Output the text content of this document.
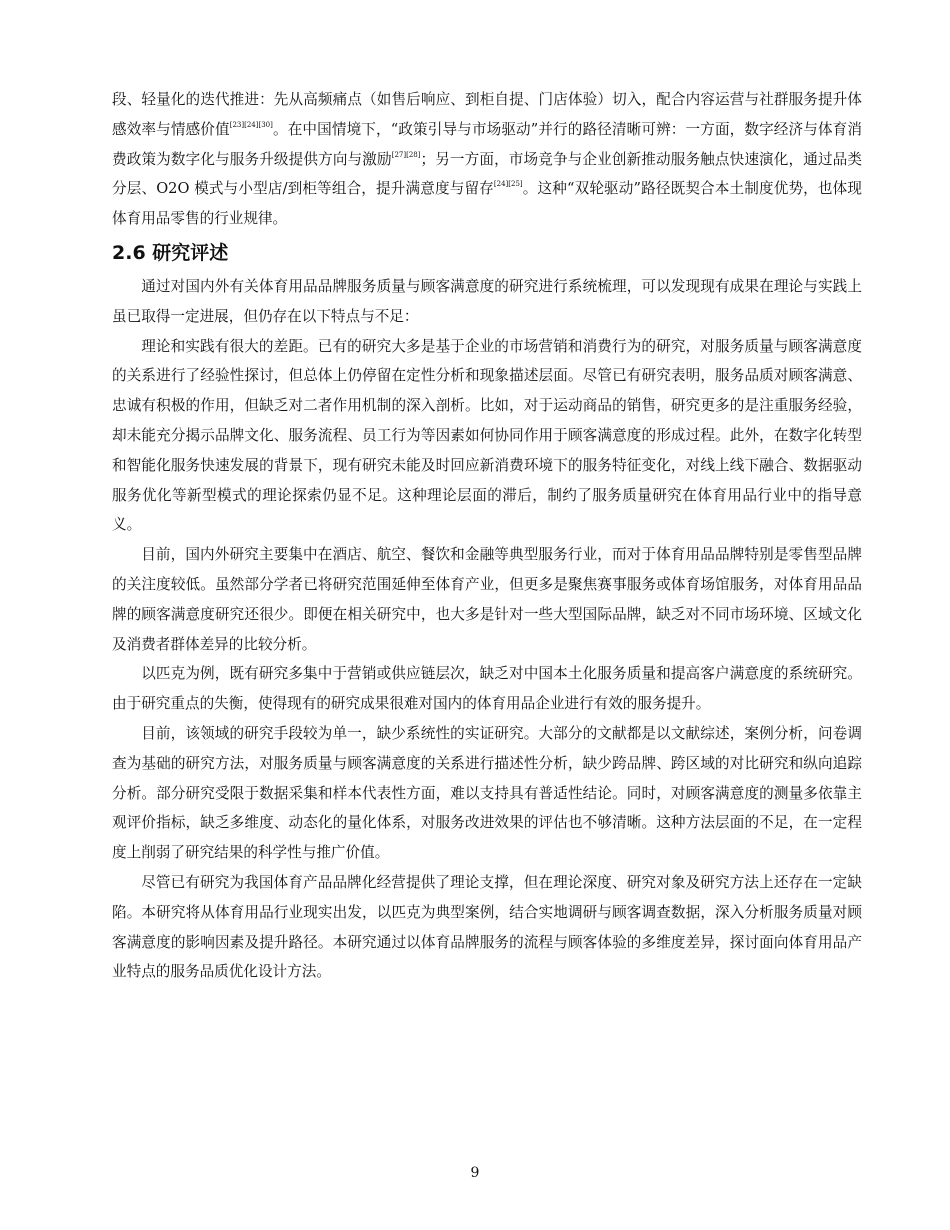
段、轻量化的迭代推进：先从高频痛点（如售后响应、到柜自提、门店体验）切入，配合内容运营与社群服务提升体感效率与情感价值[23][24][30]。在中国情境下，“政策引导与市场驱动”并行的路径清晰可辨：一方面，数字经济与体育消费政策为数字化与服务升级提供方向与激励[27][28]；另一方面，市场竞争与企业创新推动服务触点快速演化，通过品类分层、O2O 模式与小型店/到柜等组合，提升满意度与留存[24][25]。这种“双轮驱动”路径既契合本土制度优势，也体现体育用品零售的行业规律。

2.6 研究评述

通过对国内外有关体育用品品牌服务质量与顾客满意度的研究进行系统梳理，可以发现现有成果在理论与实践上虽已取得一定进展，但仍存在以下特点与不足：

理论和实践有很大的差距。已有的研究大多是基于企业的市场营销和消费行为的研究，对服务质量与顾客满意度的关系进行了经验性探讨，但总体上仍停留在定性分析和现象描述层面。尽管已有研究表明，服务品质对顾客满意、忠诚有积极的作用，但缺乏对二者作用机制的深入剖析。比如，对于运动商品的销售，研究更多的是注重服务经验，却未能充分揭示品牌文化、服务流程、员工行为等因素如何协同作用于顾客满意度的形成过程。此外，在数字化转型和智能化服务快速发展的背景下，现有研究未能及时回应新消费环境下的服务特征变化，对线上线下融合、数据驱动服务优化等新型模式的理论探索仍显不足。这种理论层面的滞后，制约了服务质量研究在体育用品行业中的指导意义。

目前，国内外研究主要集中在酒店、航空、餐饮和金融等典型服务行业，而对于体育用品品牌特别是零售型品牌的关注度较低。虽然部分学者已将研究范围延伸至体育产业，但更多是聚焦赛事服务或体育场馆服务，对体育用品品牌的顾客满意度研究还很少。即便在相关研究中，也大多是针对一些大型国际品牌，缺乏对不同市场环境、区域文化及消费者群体差异的比较分析。

以匹克为例，既有研究多集中于营销或供应链层次，缺乏对中国本土化服务质量和提高客户满意度的系统研究。由于研究重点的失衡，使得现有的研究成果很难对国内的体育用品企业进行有效的服务提升。

目前，该领域的研究手段较为单一，缺少系统性的实证研究。大部分的文献都是以文献综述，案例分析，问卷调查为基础的研究方法，对服务质量与顾客满意度的关系进行描述性分析，缺少跨品牌、跨区域的对比研究和纵向追踪分析。部分研究受限于数据采集和样本代表性方面，难以支持具有普适性结论。同时，对顾客满意度的测量多依靠主观评价指标，缺乏多维度、动态化的量化体系，对服务改进效果的评估也不够清晰。这种方法层面的不足，在一定程度上削弱了研究结果的科学性与推广价值。

尽管已有研究为我国体育产品品牌化经营提供了理论支撑，但在理论深度、研究对象及研究方法上还存在一定缺陷。本研究将从体育用品行业现实出发，以匹克为典型案例，结合实地调研与顾客调查数据，深入分析服务质量对顾客满意度的影响因素及提升路径。本研究通过以体育品牌服务的流程与顾客体验的多维度差异，探讨面向体育用品产业特点的服务品质优化设计方法。

9
